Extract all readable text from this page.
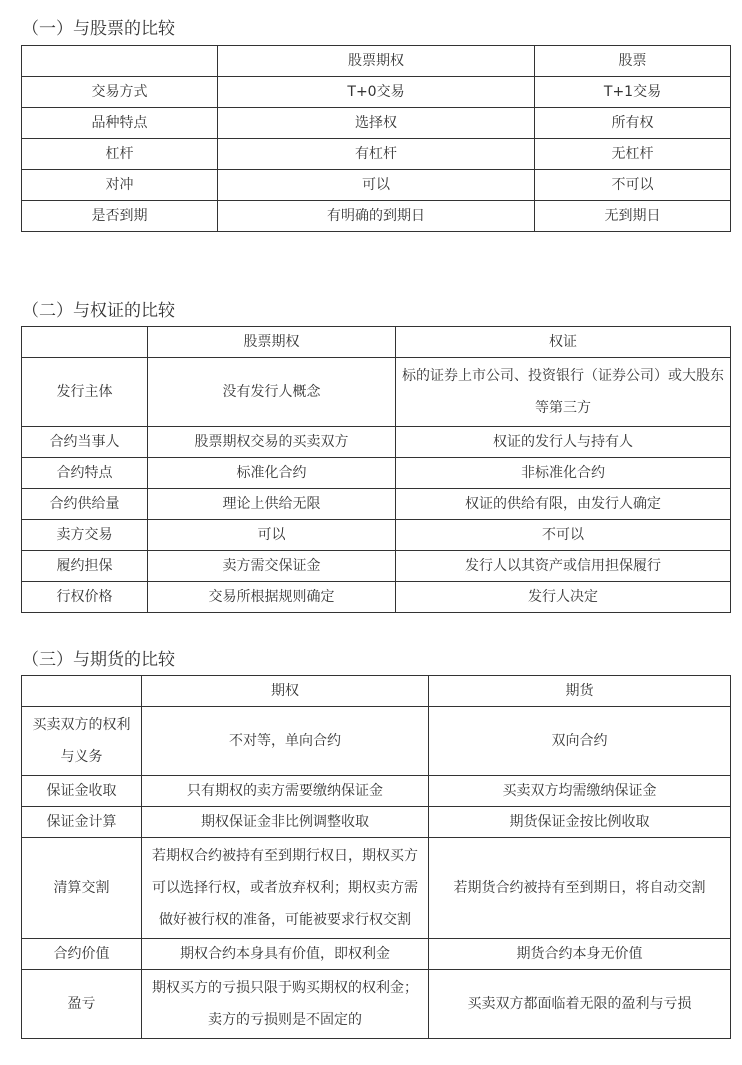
（一）与股票的比较
	股票期权	股票
交易方式	T+0交易	T+1交易
品种特点	选择权	所有权
杠杆	有杠杆	无杠杆
对冲	可以	不可以
是否到期	有明确的到期日	无到期日
（二）与权证的比较
	股票期权	权证
发行主体	没有发行人概念	标的证券上市公司、投资银行（证券公司）或大股东等第三方
合约当事人	股票期权交易的买卖双方	权证的发行人与持有人
合约特点	标准化合约	非标准化合约
合约供给量	理论上供给无限	权证的供给有限，由发行人确定
卖方交易	可以	不可以
履约担保	卖方需交保证金	发行人以其资产或信用担保履行
行权价格	交易所根据规则确定	发行人决定
（三）与期货的比较
	期权	期货
买卖双方的权利与义务	不对等，单向合约	双向合约
保证金收取	只有期权的卖方需要缴纳保证金	买卖双方均需缴纳保证金
保证金计算	期权保证金非比例调整收取	期货保证金按比例收取
清算交割	若期权合约被持有至到期行权日，期权买方可以选择行权，或者放弃权利；期权卖方需做好被行权的准备，可能被要求行权交割	若期货合约被持有至到期日，将自动交割
合约价值	期权合约本身具有价值，即权利金	期货合约本身无价值
盈亏	期权买方的亏损只限于购买期权的权利金；卖方的亏损则是不固定的	买卖双方都面临着无限的盈利与亏损
